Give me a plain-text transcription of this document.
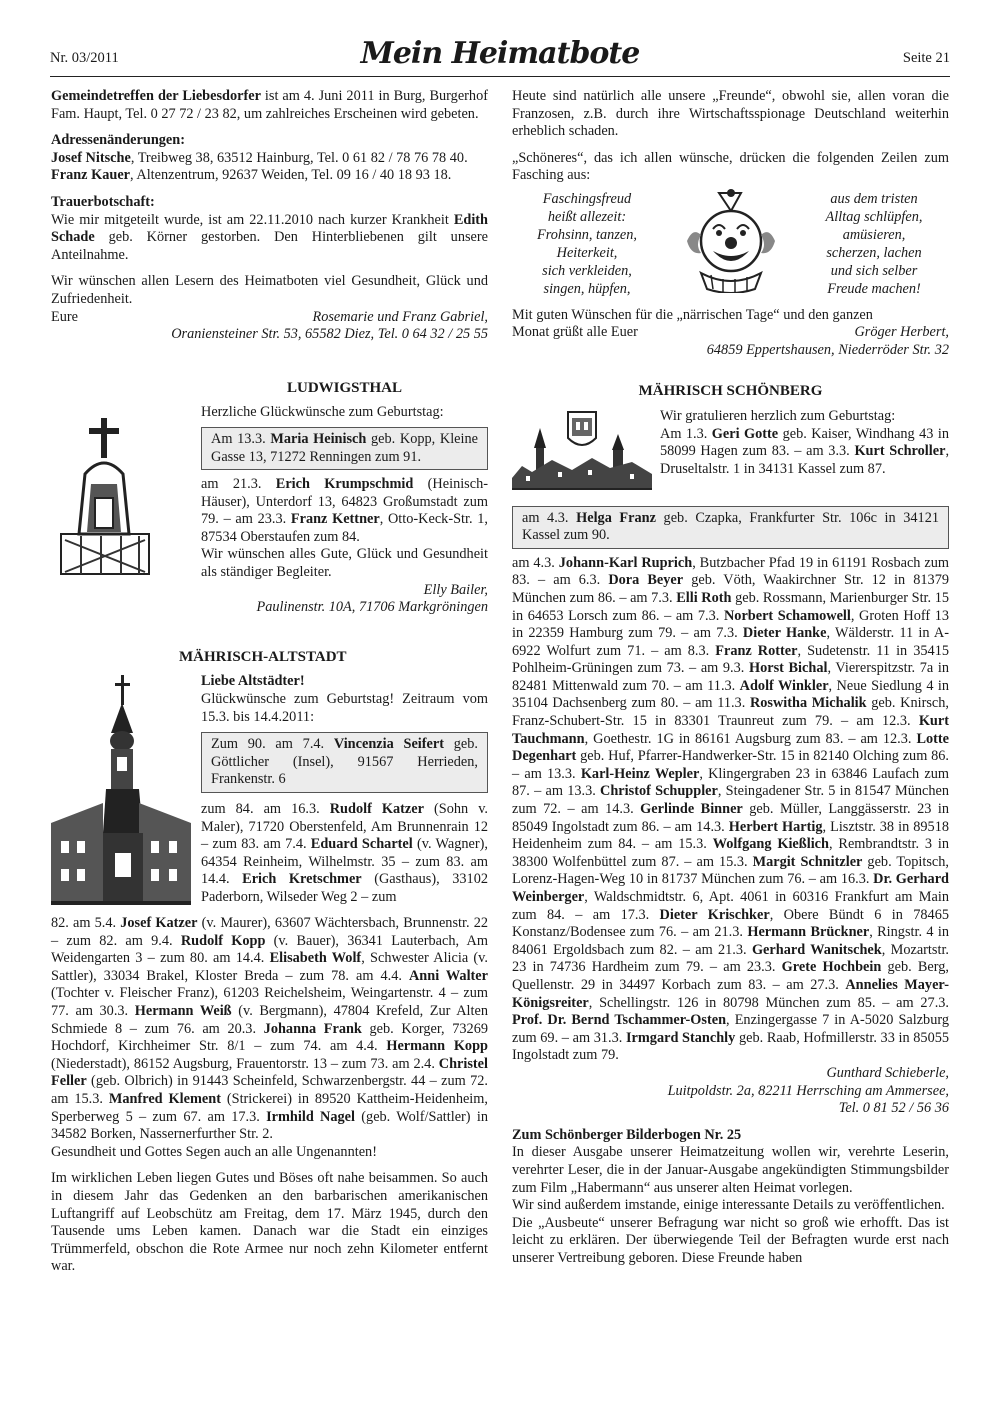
Nr. 03/2011	Mein Heimatbote	Seite 21

Gemeindetreffen der Liebesdorfer ist am 4. Juni 2011 in Burg, Burgerhof Fam. Haupt, Tel. 0 27 72 / 23 82, um zahlreiches Erscheinen wird gebeten.

Adressenänderungen:

Josef Nitsche, Treibweg 38, 63512 Hainburg, Tel. 0 61 82 / 78 76 78 40.

Franz Kauer, Altenzentrum, 92637 Weiden, Tel. 09 16 / 40 18 93 18.

Trauerbotschaft:

Wie mir mitgeteilt wurde, ist am 22.11.2010 nach kurzer Krankheit Edith Schade geb. Körner gestorben. Den Hinterbliebenen gilt unsere Anteilnahme.

Wir wünschen allen Lesern des Heimatboten viel Gesundheit, Glück und Zufriedenheit.

Eure	Rosemarie und Franz Gabriel,

Oraniensteiner Str. 53, 65582 Diez, Tel. 0 64 32 / 25 55

LUDWIGSTHAL

Herzliche Glückwünsche zum Geburtstag:

Am 13.3. Maria Heinisch geb. Kopp, Kleine Gasse 13, 71272 Renningen zum 91.

am 21.3. Erich Krumpschmid (Heinisch-Häuser), Unterdorf 13, 64823 Großumstadt zum 79. – am 23.3. Franz Kettner, Otto-Keck-Str. 1, 87534 Oberstaufen zum 84.

Wir wünschen alles Gute, Glück und Gesundheit als ständiger Begleiter.

Elly Bailer,

Paulinenstr. 10A, 71706 Markgröningen

MÄHRISCH-ALTSTADT

Liebe Altstädter!

Glückwünsche zum Geburtstag! Zeitraum vom 15.3. bis 14.4.2011:

Zum 90. am 7.4. Vincenzia Seifert geb. Göttlicher (Insel), 91567 Herrieden, Frankenstr. 6

zum 84. am 16.3. Rudolf Katzer (Sohn v. Maler), 71720 Oberstenfeld, Am Brunnenrain 12 – zum 83. am 7.4. Eduard Schartel (v. Wagner), 64354 Reinheim, Wilhelmstr. 35 – zum 83. am 14.4. Erich Kretschmer (Gasthaus), 33102 Paderborn, Wilseder Weg 2 – zum

82. am 5.4. Josef Katzer (v. Maurer), 63607 Wächtersbach, Brunnenstr. 22 – zum 82. am 9.4. Rudolf Kopp (v. Bauer), 36341 Lauterbach, Am Weidengarten 3 – zum 80. am 14.4. Elisabeth Wolf, Schwester Alicia (v. Sattler), 33034 Brakel, Kloster Breda – zum 78. am 4.4. Anni Walter (Tochter v. Fleischer Franz), 61203 Reichelsheim, Weingartenstr. 4 – zum 77. am 30.3. Hermann Weiß (v. Bergmann), 47804 Krefeld, Zur Alten Schmiede 8 – zum 76. am 20.3. Johanna Frank geb. Korger, 73269 Hochdorf, Kirchheimer Str. 8/1 – zum 74. am 4.4. Hermann Kopp (Niederstadt), 86152 Augsburg, Frauentorstr. 13 – zum 73. am 2.4. Christel Feller (geb. Olbrich) in 91443 Scheinfeld, Schwarzenbergstr. 44 – zum 72. am 15.3. Manfred Klement (Strickerei) in 89520 Kattheim-Heidenheim, Sperberweg 5 – zum 67. am 17.3. Irmhild Nagel (geb. Wolf/Sattler) in 34582 Borken, Nassernerfurther Str. 2.

Gesundheit und Gottes Segen auch an alle Ungenannten!

Im wirklichen Leben liegen Gutes und Böses oft nahe beisammen. So auch in diesem Jahr das Gedenken an den barbarischen amerikanischen Luftangriff auf Leobschütz am Freitag, dem 17. März 1945, durch den Tausende ums Leben kamen. Danach war die Stadt ein einziges Trümmerfeld, obschon die Rote Armee nur noch zehn Kilometer entfernt war.

Heute sind natürlich alle unsere „Freunde“, obwohl sie, allen voran die Franzosen, z.B. durch ihre Wirtschaftsspionage Deutschland weiterhin erheblich schaden.

„Schöneres“, das ich allen wünsche, drücken die folgenden Zeilen zum Fasching aus:

Faschingsfreud
heißt allezeit:
Frohsinn, tanzen,
Heiterkeit,
sich verkleiden,
singen, hüpfen,
aus dem tristen
Alltag schlüpfen,
amüsieren,
scherzen, lachen
und sich selber
Freude machen!

Mit guten Wünschen für die „närrischen Tage“ und den ganzen

Monat grüßt alle Euer	Gröger Herbert,

64859 Eppertshausen, Niederröder Str. 32

MÄHRISCH SCHÖNBERG

Wir gratulieren herzlich zum Geburtstag:

Am 1.3. Geri Gotte geb. Kaiser, Windhang 43 in 58099 Hagen zum 83. – am 3.3. Kurt Schroller, Druseltalstr. 1 in 34131 Kassel zum 87.

am 4.3. Helga Franz geb. Czapka, Frankfurter Str. 106c in 34121 Kassel zum 90.

am 4.3. Johann-Karl Ruprich, Butzbacher Pfad 19 in 61191 Rosbach zum 83. – am 6.3. Dora Beyer geb. Vöth, Waakirchner Str. 12 in 81379 München zum 86. – am 7.3. Elli Roth geb. Rossmann, Marienburger Str. 15 in 64653 Lorsch zum 86. – am 7.3. Norbert Schamowell, Groten Hoff 13 in 22359 Hamburg zum 79. – am 7.3. Dieter Hanke, Wälderstr. 11 in A-6922 Wolfurt zum 71. – am 8.3. Franz Rotter, Sudetenstr. 11 in 35415 Pohlheim-Grüningen zum 73. – am 9.3. Horst Bichal, Viererspitzstr. 7a in 82481 Mittenwald zum 70. – am 11.3. Adolf Winkler, Neue Siedlung 4 in 35104 Dachsenberg zum 80. – am 11.3. Roswitha Michalik geb. Knirsch, Franz-Schubert-Str. 15 in 83301 Traunreut zum 79. – am 12.3. Kurt Tauchmann, Goethestr. 1G in 86161 Augsburg zum 83. – am 12.3. Lotte Degenhart geb. Huf, Pfarrer-Handwerker-Str. 15 in 82140 Olching zum 86. – am 13.3. Karl-Heinz Wepler, Klingergraben 23 in 63846 Laufach zum 87. – am 13.3. Christof Schuppler, Steingadener Str. 5 in 81547 München zum 72. – am 14.3. Gerlinde Binner geb. Müller, Langgässerstr. 23 in 85049 Ingolstadt zum 86. – am 14.3. Herbert Hartig, Lisztstr. 38 in 89518 Heidenheim zum 84. – am 15.3. Wolfgang Kießlich, Rembrandtstr. 3 in 38300 Wolfenbüttel zum 87. – am 15.3. Margit Schnitzler geb. Topitsch, Lorenz-Hagen-Weg 10 in 81737 München zum 76. – am 16.3. Dr. Gerhard Weinberger, Waldschmidtstr. 6, Apt. 4061 in 60316 Frankfurt am Main zum 84. – am 17.3. Dieter Krischker, Obere Bündt 6 in 78465 Konstanz/Bodensee zum 76. – am 21.3. Hermann Brückner, Ringstr. 4 in 84061 Ergoldsbach zum 82. – am 21.3. Gerhard Wanitschek, Mozartstr. 23 in 74736 Hardheim zum 79. – am 23.3. Grete Hochbein geb. Berg, Quellenstr. 29 in 34497 Korbach zum 83. – am 27.3. Annelies Mayer-Königsreiter, Schellingstr. 126 in 80798 München zum 85. – am 27.3. Prof. Dr. Bernd Tschammer-Osten, Enzingergasse 7 in A-5020 Salzburg zum 69. – am 31.3. Irmgard Stanchly geb. Raab, Hofmillerstr. 33 in 85055 Ingolstadt zum 79.

Gunthard Schieberle,

Luitpoldstr. 2a, 82211 Herrsching am Ammersee,

Tel. 0 81 52 / 56 36

Zum Schönberger Bilderbogen Nr. 25

In dieser Ausgabe unserer Heimatzeitung wollen wir, verehrte Leserin, verehrter Leser, die in der Januar-Ausgabe angekündigten Stimmungsbilder zum Film „Habermann“ aus unserer alten Heimat vorlegen.

Wir sind außerdem imstande, einige interessante Details zu veröffentlichen.

Die „Ausbeute“ unserer Befragung war nicht so groß wie erhofft. Das ist leicht zu erklären. Der überwiegende Teil der Befragten wurde erst nach unserer Vertreibung geboren. Diese Freunde haben
